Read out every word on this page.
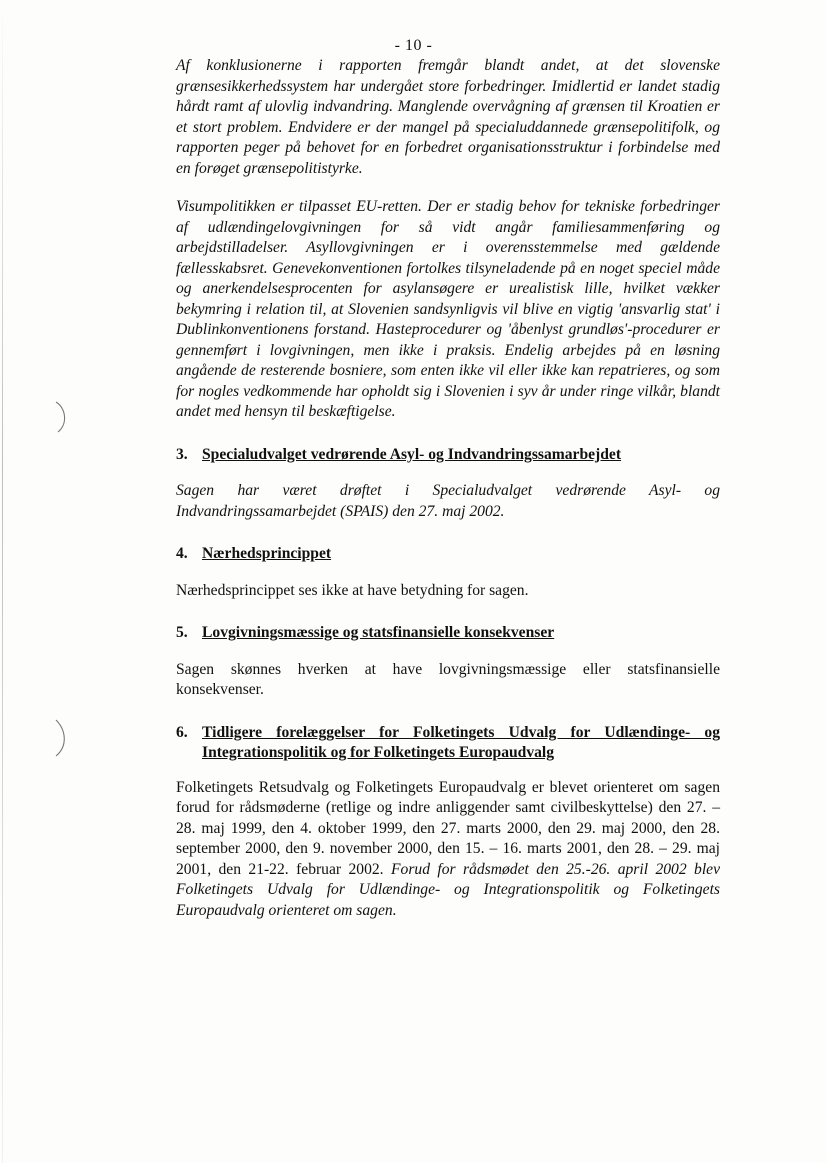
- 10 -

Af konklusionerne i rapporten fremgår blandt andet, at det slovenske grænsesikkerhedssystem har undergået store forbedringer. Imidlertid er landet stadig hårdt ramt af ulovlig indvandring. Manglende overvågning af grænsen til Kroatien er et stort problem. Endvidere er der mangel på specialuddannede grænsepolitifolk, og rapporten peger på behovet for en forbedret organisationsstruktur i forbindelse med en forøget grænsepolitistyrke.

Visumpolitikken er tilpasset EU-retten. Der er stadig behov for tekniske forbedringer af udlændingelovgivningen for så vidt angår familiesammenføring og arbejdstilladelser. Asyllovgivningen er i overensstemmelse med gældende fællesskabsret. Genevekonventionen fortolkes tilsyneladende på en noget speciel måde og anerkendelsesprocenten for asylansøgere er urealistisk lille, hvilket vækker bekymring i relation til, at Slovenien sandsynligvis vil blive en vigtig 'ansvarlig stat' i Dublinkonventionens forstand. Hasteprocedurer og 'åbenlyst grundløs'-procedurer er gennemført i lovgivningen, men ikke i praksis. Endelig arbejdes på en løsning angående de resterende bosniere, som enten ikke vil eller ikke kan repatrieres, og som for nogles vedkommende har opholdt sig i Slovenien i syv år under ringe vilkår, blandt andet med hensyn til beskæftigelse.

3. Specialudvalget vedrørende Asyl- og Indvandringssamarbejdet

Sagen har været drøftet i Specialudvalget vedrørende Asyl- og Indvandringssamarbejdet (SPAIS) den 27. maj 2002.

4. Nærhedsprincippet

Nærhedsprincippet ses ikke at have betydning for sagen.

5. Lovgivningsmæssige og statsfinansielle konsekvenser

Sagen skønnes hverken at have lovgivningsmæssige eller statsfinansielle konsekvenser.

6. Tidligere forelæggelser for Folketingets Udvalg for Udlændinge- og Integrationspolitik og for Folketingets Europaudvalg

Folketingets Retsudvalg og Folketingets Europaudvalg er blevet orienteret om sagen forud for rådsmøderne (retlige og indre anliggender samt civilbeskyttelse) den 27. – 28. maj 1999, den 4. oktober 1999, den 27. marts 2000, den 29. maj 2000, den 28. september 2000, den 9. november 2000, den 15. – 16. marts 2001, den 28. – 29. maj 2001, den 21-22. februar 2002. Forud for rådsmødet den 25.-26. april 2002 blev Folketingets Udvalg for Udlændinge- og Integrationspolitik og Folketingets Europaudvalg orienteret om sagen.
